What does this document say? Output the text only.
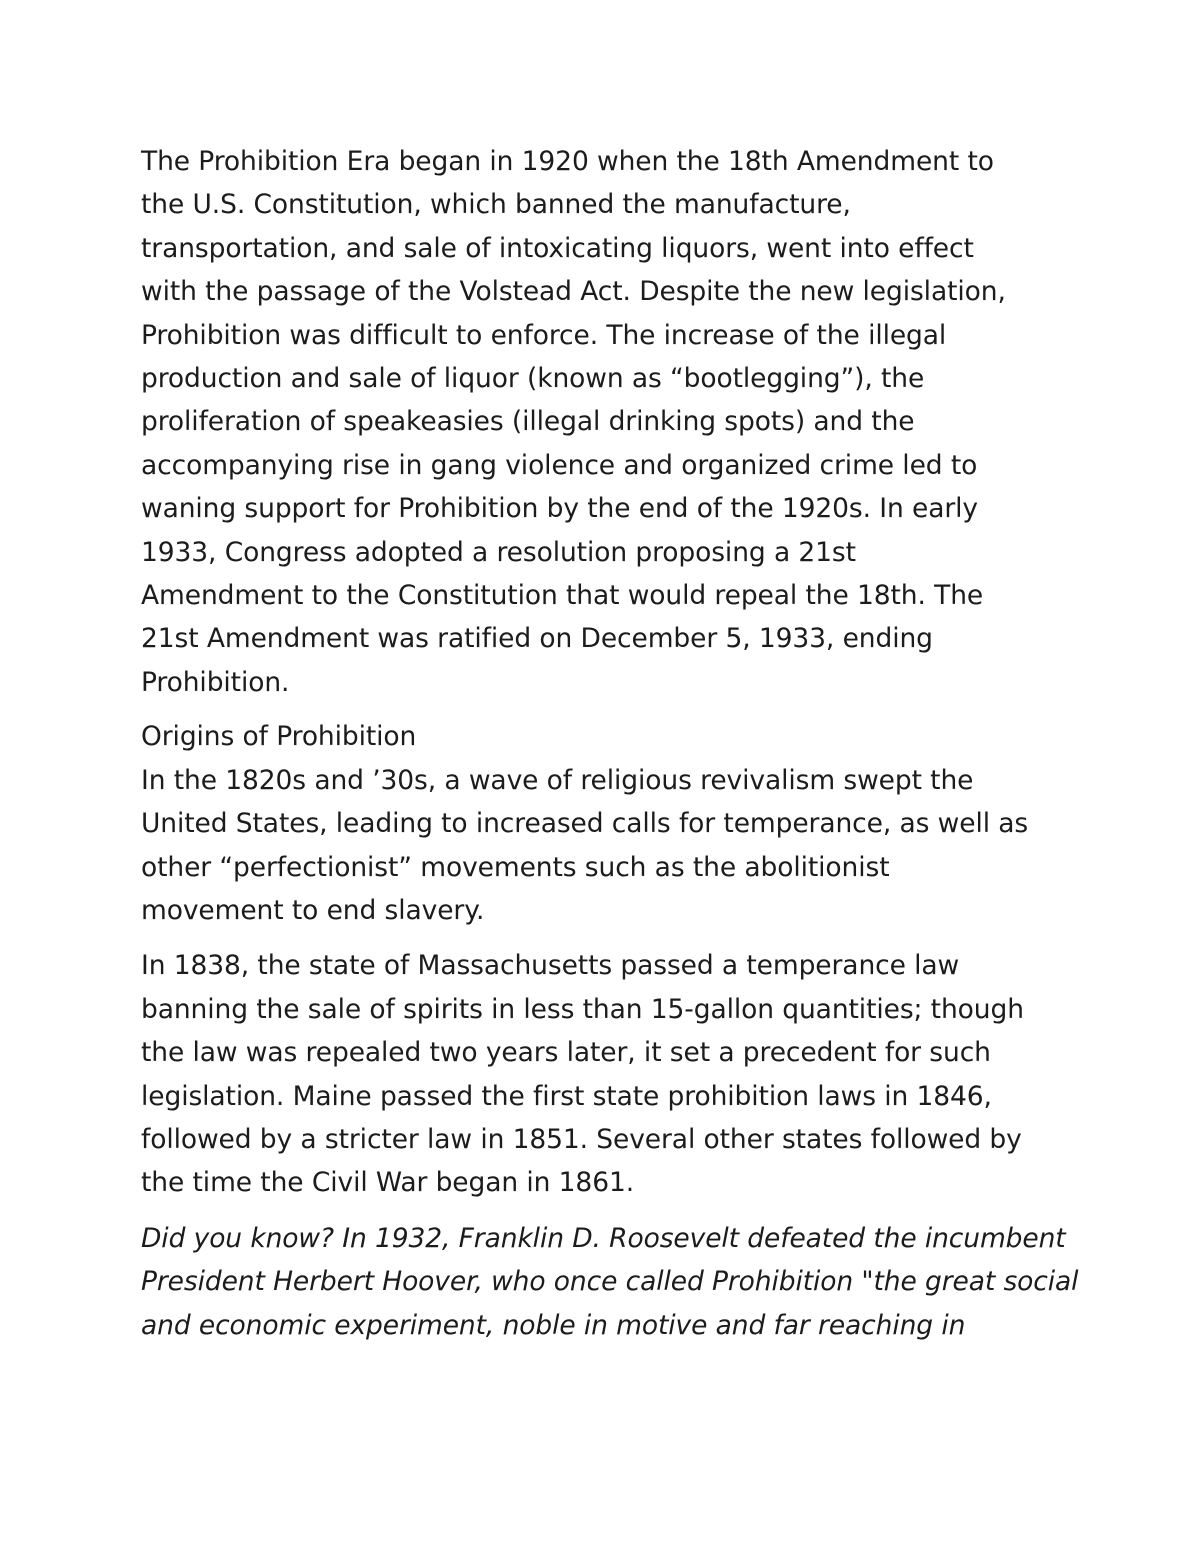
The Prohibition Era began in 1920 when the 18th Amendment to
the U.S. Constitution, which banned the manufacture,
transportation, and sale of intoxicating liquors, went into effect
with the passage of the Volstead Act. Despite the new legislation,
Prohibition was difficult to enforce. The increase of the illegal
production and sale of liquor (known as “bootlegging”), the
proliferation of speakeasies (illegal drinking spots) and the
accompanying rise in gang violence and organized crime led to
waning support for Prohibition by the end of the 1920s. In early
1933, Congress adopted a resolution proposing a 21st
Amendment to the Constitution that would repeal the 18th. The
21st Amendment was ratified on December 5, 1933, ending
Prohibition.

Origins of Prohibition
In the 1820s and ’30s, a wave of religious revivalism swept the
United States, leading to increased calls for temperance, as well as
other “perfectionist” movements such as the abolitionist
movement to end slavery.

In 1838, the state of Massachusetts passed a temperance law
banning the sale of spirits in less than 15-gallon quantities; though
the law was repealed two years later, it set a precedent for such
legislation. Maine passed the first state prohibition laws in 1846,
followed by a stricter law in 1851. Several other states followed by
the time the Civil War began in 1861.

Did you know? In 1932, Franklin D. Roosevelt defeated the incumbent
President Herbert Hoover, who once called Prohibition "the great social
and economic experiment, noble in motive and far reaching in
